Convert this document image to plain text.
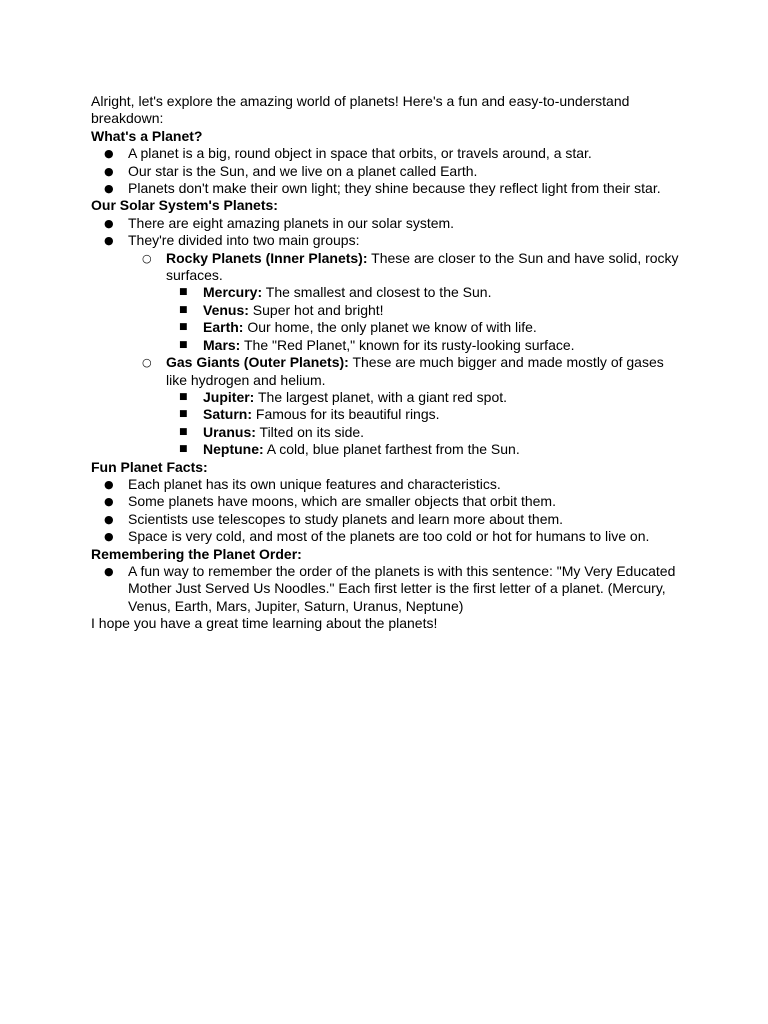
Alright, let's explore the amazing world of planets! Here's a fun and easy-to-understand breakdown:

What's a Planet?

● A planet is a big, round object in space that orbits, or travels around, a star.
● Our star is the Sun, and we live on a planet called Earth.
● Planets don't make their own light; they shine because they reflect light from their star.

Our Solar System's Planets:

● There are eight amazing planets in our solar system.
● They're divided into two main groups:
○ Rocky Planets (Inner Planets): These are closer to the Sun and have solid, rocky surfaces.
■ Mercury: The smallest and closest to the Sun.
■ Venus: Super hot and bright!
■ Earth: Our home, the only planet we know of with life.
■ Mars: The "Red Planet," known for its rusty-looking surface.
○ Gas Giants (Outer Planets): These are much bigger and made mostly of gases like hydrogen and helium.
■ Jupiter: The largest planet, with a giant red spot.
■ Saturn: Famous for its beautiful rings.
■ Uranus: Tilted on its side.
■ Neptune: A cold, blue planet farthest from the Sun.

Fun Planet Facts:

● Each planet has its own unique features and characteristics.
● Some planets have moons, which are smaller objects that orbit them.
● Scientists use telescopes to study planets and learn more about them.
● Space is very cold, and most of the planets are too cold or hot for humans to live on.

Remembering the Planet Order:

● A fun way to remember the order of the planets is with this sentence: "My Very Educated Mother Just Served Us Noodles." Each first letter is the first letter of a planet. (Mercury, Venus, Earth, Mars, Jupiter, Saturn, Uranus, Neptune)

I hope you have a great time learning about the planets!
